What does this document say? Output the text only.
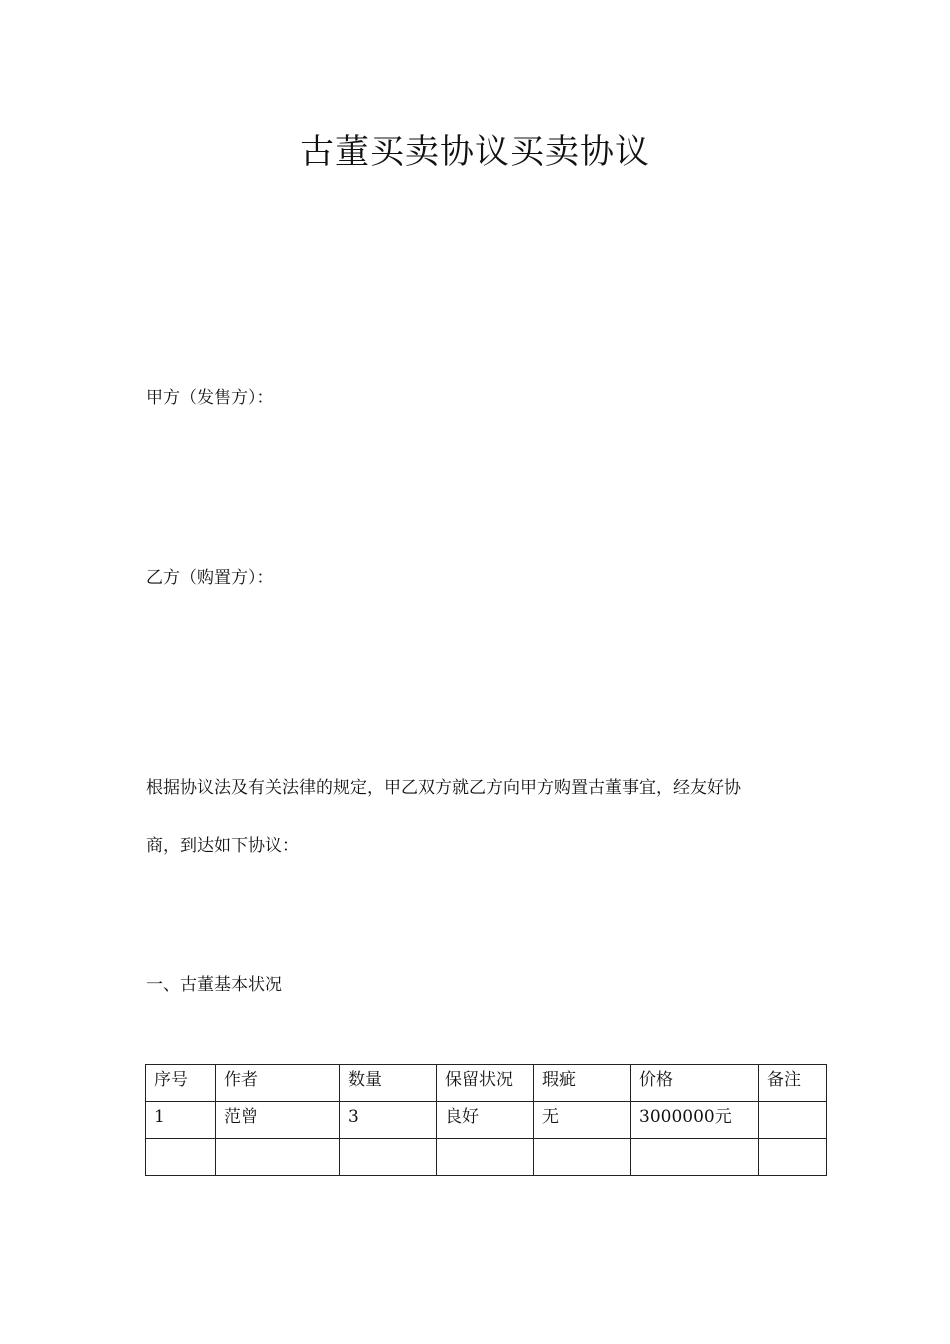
古董买卖协议买卖协议
甲方（发售方）：
乙方（购置方）：
根据协议法及有关法律的规定，甲乙双方就乙方向甲方购置古董事宜，经友好协
商，到达如下协议：
一、古董基本状况
序号	作者	数量	保留状况	瑕疵	价格	备注
1	范曾	3	良好	无	3000000元	
